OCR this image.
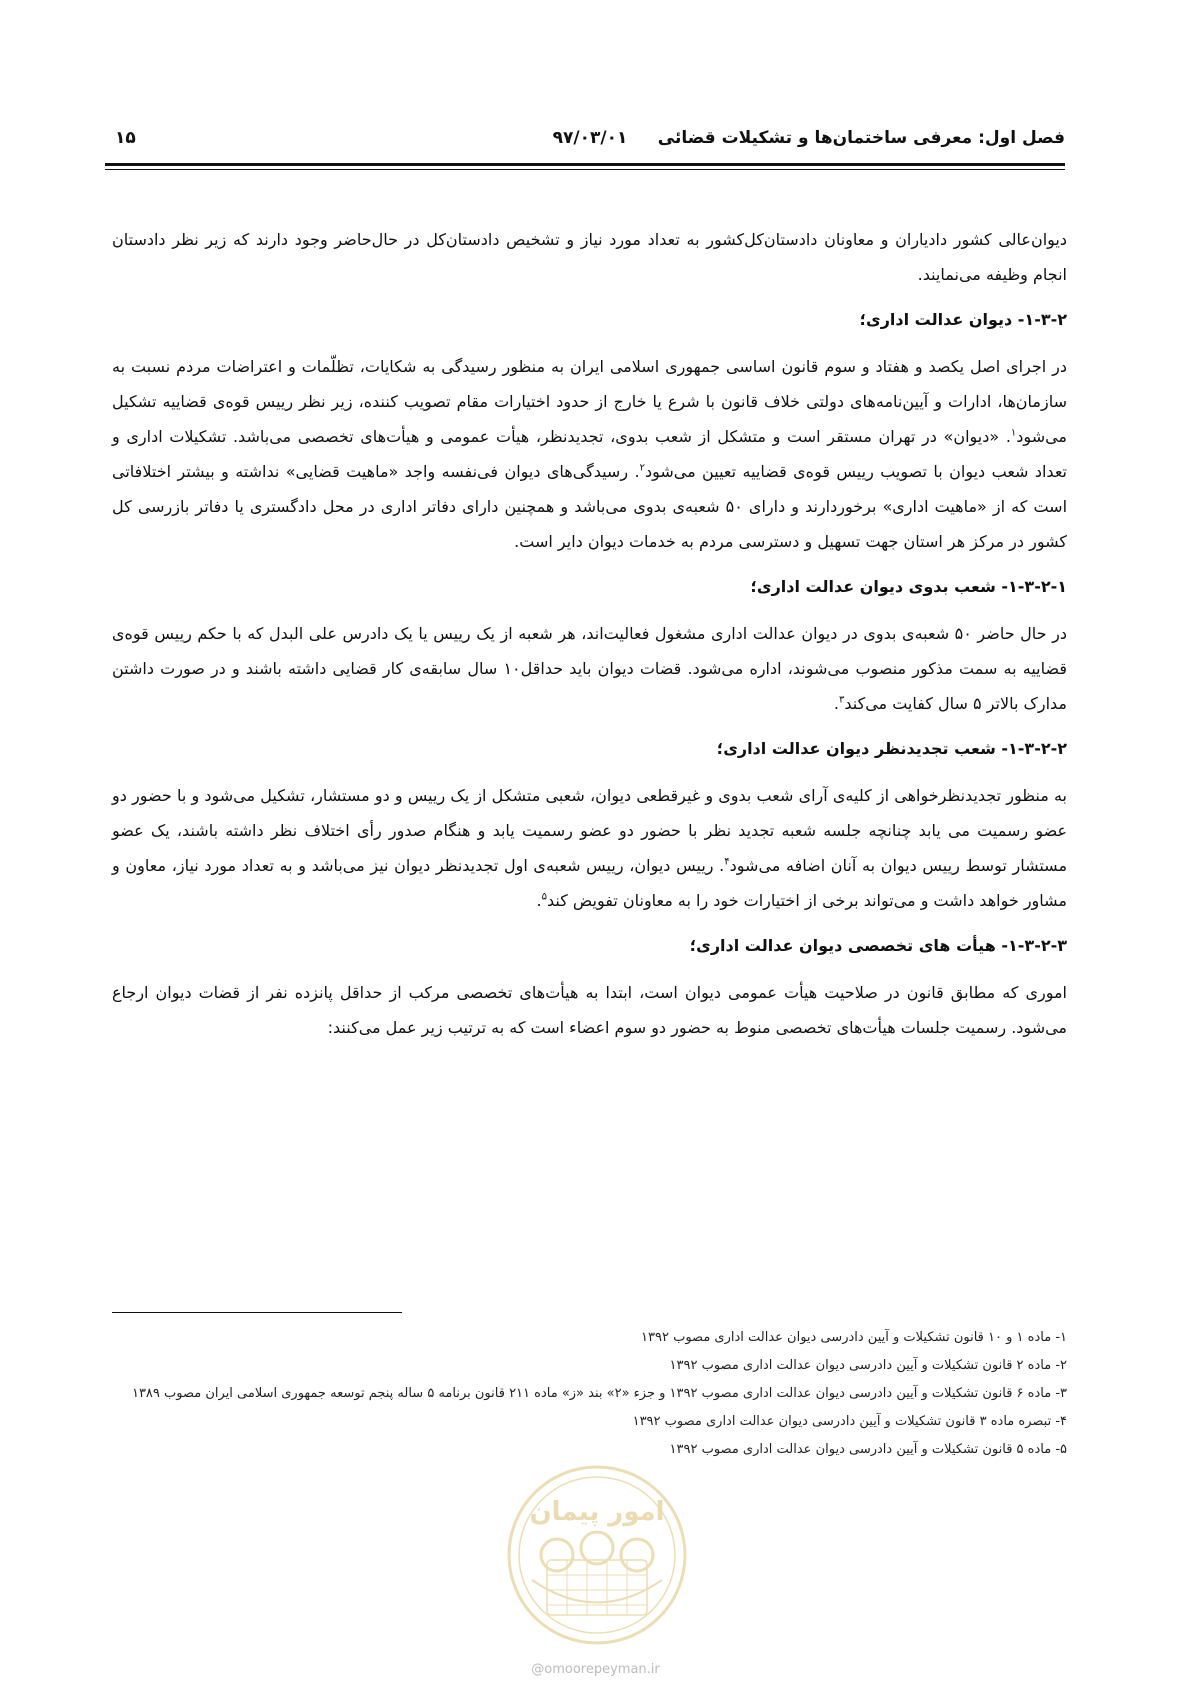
فصل اول: معرفی ساختمان‌ها و تشکیلات قضائی
۹۷/۰۳/۰۱
۱۵

دیوان‌عالی کشور دادیاران و معاونان دادستان‌کل‌کشور به تعداد مورد نیاز و تشخیص دادستان‌کل در حال‌حاضر وجود دارند که زیر نظر دادستان انجام وظیفه می‌نمایند.

۱-۳-۲- دیوان عدالت اداری؛

در اجرای اصل یکصد و هفتاد و سوم قانون اساسی جمهوری اسلامی ایران به منظور رسیدگی به شکایات، تظلّمات و اعتراضات مردم نسبت به سازمان‌ها، ادارات و آیین‌نامه‌های دولتی خلاف قانون با شرع یا خارج از حدود اختیارات مقام تصویب کننده، زیر نظر رییس قوه‌ی قضاییه تشکیل می‌شود$^۱$. «دیوان» در تهران مستقر است و متشکل از شعب بدوی، تجدیدنظر، هیأت عمومی و هیأت‌های تخصصی می‌باشد. تشکیلات اداری و تعداد شعب دیوان با تصویب رییس قوه‌ی قضاییه تعیین می‌شود$^۲$. رسیدگی‌های دیوان فی‌نفسه واجد «ماهیت قضایی» نداشته و بیشتر اختلافاتی است که از «ماهیت اداری» برخوردارند و دارای ۵۰ شعبه‌ی بدوی می‌باشد و همچنین دارای دفاتر اداری در محل دادگستری یا دفاتر بازرسی کل کشور در مرکز هر استان جهت تسهیل و دسترسی مردم به خدمات دیوان دایر است.

۱-۳-۲-۱- شعب بدوی دیوان عدالت اداری؛

در حال حاضر ۵۰ شعبه‌ی بدوی در دیوان عدالت اداری مشغول فعالیت‌اند، هر شعبه از یک رییس یا یک دادرس علی البدل که با حکم رییس قوه‌ی قضاییه به سمت مذکور منصوب می‌شوند، اداره می‌شود. قضات دیوان باید حداقل۱۰ سال سابقه‌ی کار قضایی داشته باشند و در صورت داشتن مدارک بالاتر ۵ سال کفایت می‌کند$^۳$.

۱-۳-۲-۲- شعب تجدیدنظر دیوان عدالت اداری؛

به منظور تجدیدنظرخواهی از کلیه‌ی آرای شعب بدوی و غیرقطعی دیوان، شعبی متشکل از یک رییس و دو مستشار، تشکیل می‌شود و با حضور دو عضو رسمیت می یابد چنانچه جلسه شعبه تجدید نظر با حضور دو عضو رسمیت یابد و هنگام صدور رأی اختلاف نظر داشته باشند، یک عضو مستشار توسط رییس دیوان به آنان اضافه می‌شود$^۴$. رییس دیوان، رییس شعبه‌ی اول تجدیدنظر دیوان نیز می‌باشد و به تعداد مورد نیاز، معاون و مشاور خواهد داشت و می‌تواند برخی از اختیارات خود را به معاونان تفویض کند$^۵$.

۱-۳-۲-۳- هیأت های تخصصی دیوان عدالت اداری؛

اموری که مطابق قانون در صلاحیت هیأت عمومی دیوان است، ابتدا به هیأت‌های تخصصی مرکب از حداقل پانزده نفر از قضات دیوان ارجاع می‌شود. رسمیت جلسات هیأت‌های تخصصی منوط به حضور دو سوم اعضاء است که به ترتیب زیر عمل می‌کنند:

۱- ماده ۱ و ۱۰ قانون تشکیلات و آیین دادرسی دیوان عدالت اداری مصوب ۱۳۹۲
۲- ماده ۲ قانون تشکیلات و آیین دادرسی دیوان عدالت اداری مصوب ۱۳۹۲
۳- ماده ۶ قانون تشکیلات و آیین دادرسی دیوان عدالت اداری مصوب ۱۳۹۲ و جزء «۲» بند «ز» ماده ۲۱۱ قانون برنامه ۵ ساله پنجم توسعه جمهوری اسلامی ایران مصوب ۱۳۸۹
۴- تبصره ماده ۳ قانون تشکیلات و آیین دادرسی دیوان عدالت اداری مصوب ۱۳۹۲
۵- ماده ۵ قانون تشکیلات و آیین دادرسی دیوان عدالت اداری مصوب ۱۳۹۲
امور پیمان
@omoorepeyman.ir
